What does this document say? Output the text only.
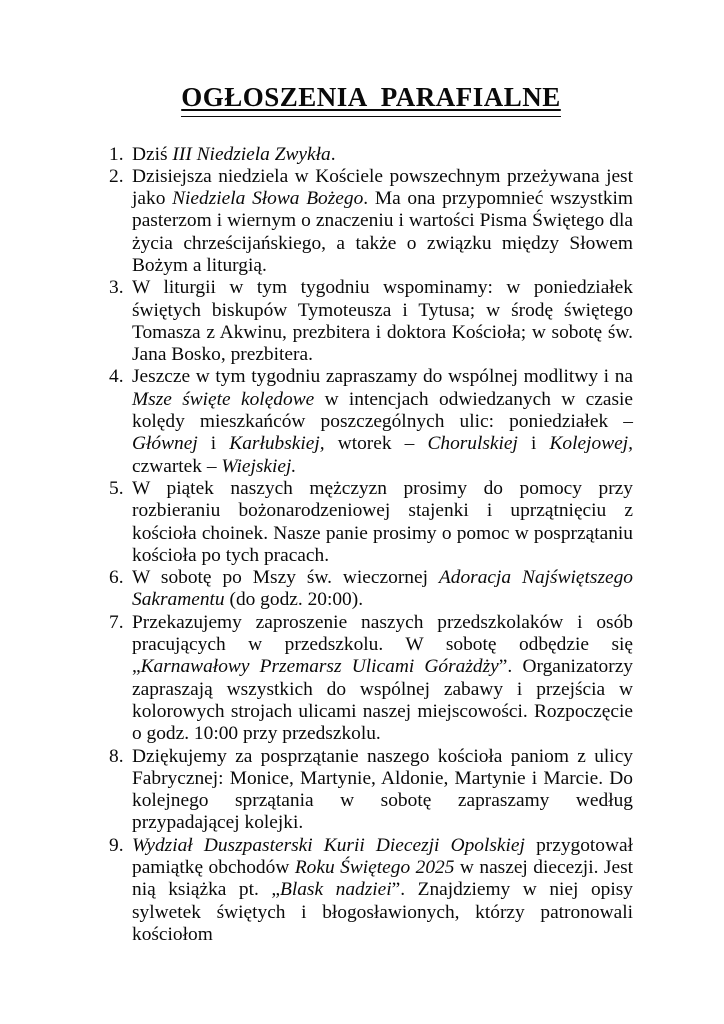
OGŁOSZENIA  PARAFIALNE
1. Dziś III Niedziela Zwykła.
2. Dzisiejsza niedziela w Kościele powszechnym przeżywana jest jako Niedziela Słowa Bożego. Ma ona przypomnieć wszystkim pasterzom i wiernym o znaczeniu i wartości Pisma Świętego dla życia chrześcijańskiego, a także o związku między Słowem Bożym a liturgią.
3. W liturgii w tym tygodniu wspominamy: w poniedziałek świętych biskupów Tymoteusza i Tytusa; w środę świętego Tomasza z Akwinu, prezbitera i doktora Kościoła; w sobotę św. Jana Bosko, prezbitera.
4. Jeszcze w tym tygodniu zapraszamy do wspólnej modlitwy i na Msze święte kolędowe w intencjach odwiedzanych w czasie kolędy mieszkańców poszczególnych ulic: poniedziałek – Głównej i Karłubskiej, wtorek – Chorulskiej i Kolejowej, czwartek – Wiejskiej.
5. W piątek naszych mężczyzn prosimy do pomocy przy rozbieraniu bożonarodzeniowej stajenki i uprzątnięciu z kościoła choinek. Nasze panie prosimy o pomoc w posprzątaniu kościoła po tych pracach.
6. W sobotę po Mszy św. wieczornej Adoracja Najświętszego Sakramentu (do godz. 20:00).
7. Przekazujemy zaproszenie naszych przedszkolaków i osób pracujących w przedszkolu. W sobotę odbędzie się „Karnawałowy Przemarsz Ulicami Górażdży”. Organizatorzy zapraszają wszystkich do wspólnej zabawy i przejścia w kolorowych strojach ulicami naszej miejscowości. Rozpoczęcie o godz. 10:00 przy przedszkolu.
8. Dziękujemy za posprzątanie naszego kościoła paniom z ulicy Fabrycznej: Monice, Martynie, Aldonie, Martynie i Marcie. Do kolejnego sprzątania w sobotę zapraszamy według przypadającej kolejki.
9. Wydział Duszpasterski Kurii Diecezji Opolskiej przygotował pamiątkę obchodów Roku Świętego 2025 w naszej diecezji. Jest nią książka pt. „Blask nadziei”. Znajdziemy w niej opisy sylwetek świętych i błogosławionych, którzy patronowali kościołom
